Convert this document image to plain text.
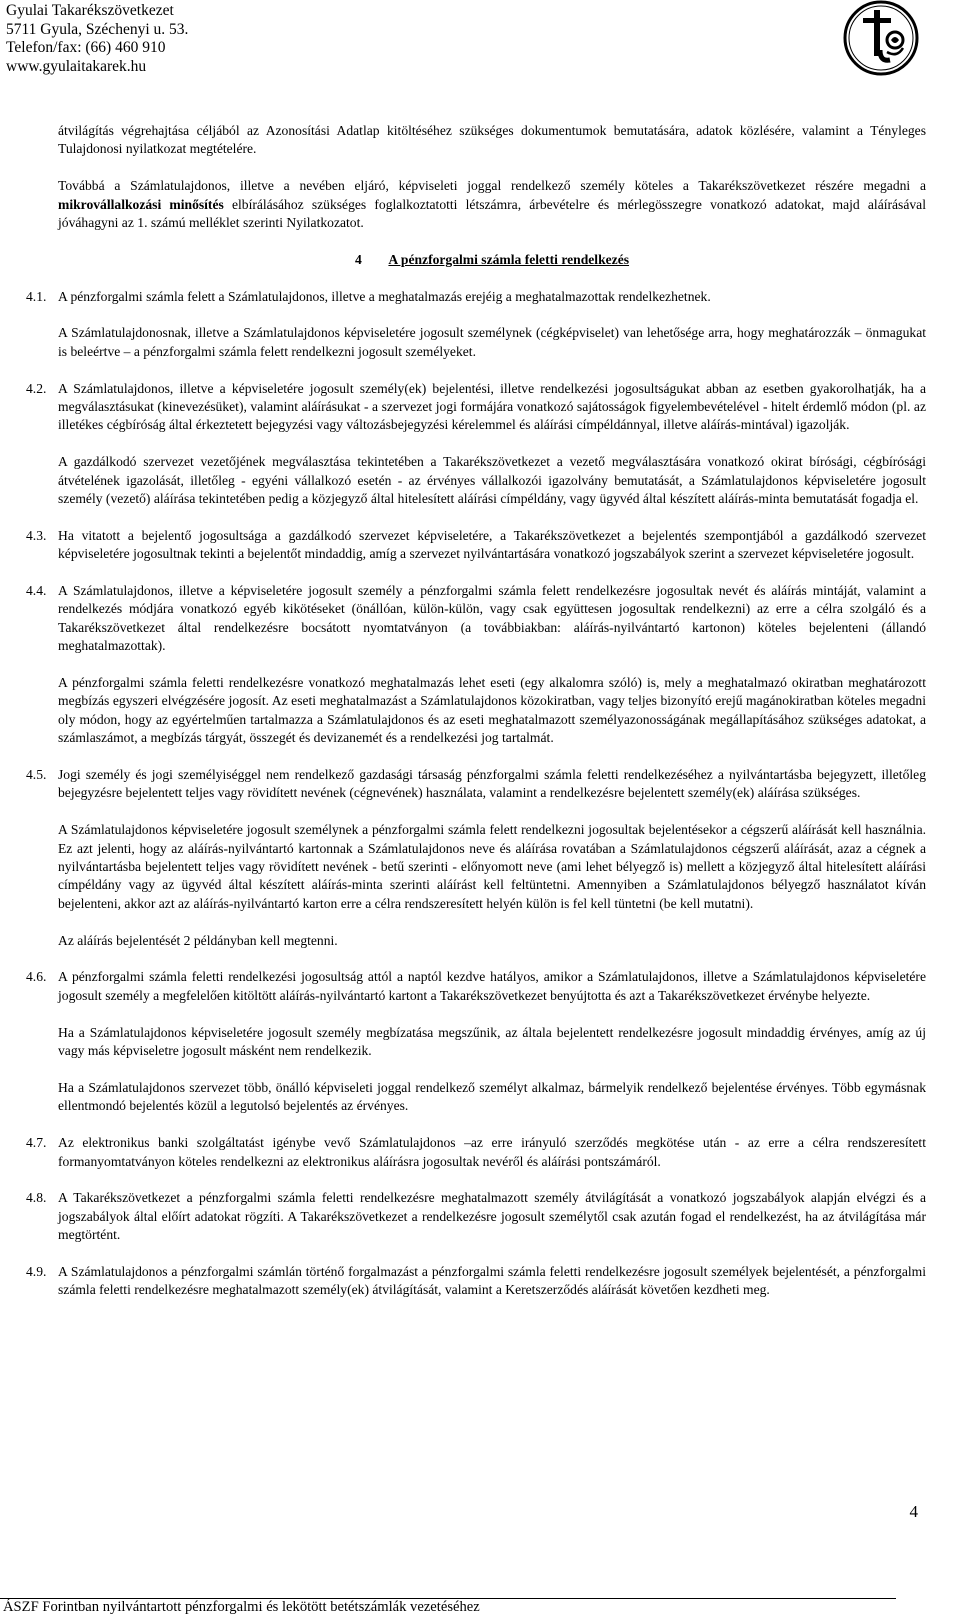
Gyulai Takarékszövetkezet
5711 Gyula, Széchenyi u. 53.
Telefon/fax: (66) 460 910
www.gyulaitakarek.hu

átvilágítás végrehajtása céljából az Azonosítási Adatlap kitöltéséhez szükséges dokumentumok bemutatására, adatok közlésére, valamint a Tényleges Tulajdonosi nyilatkozat megtételére.

Továbbá a Számlatulajdonos, illetve a nevében eljáró, képviseleti joggal rendelkező személy köteles a Takarékszövetkezet részére megadni a mikrovállalkozási minősítés elbírálásához szükséges foglalkoztatotti létszámra, árbevételre és mérlegösszegre vonatkozó adatokat, majd aláírásával jóváhagyni az 1. számú melléklet szerinti Nyilatkozatot.

4 A pénzforgalmi számla feletti rendelkezés
4.1. A pénzforgalmi számla felett a Számlatulajdonos, illetve a meghatalmazás erejéig a meghatalmazottak rendelkezhetnek.
A Számlatulajdonosnak, illetve a Számlatulajdonos képviseletére jogosult személynek (cégképviselet) van lehetősége arra, hogy meghatározzák – önmagukat is beleértve – a pénzforgalmi számla felett rendelkezni jogosult személyeket.
4.2. A Számlatulajdonos, illetve a képviseletére jogosult személy(ek) bejelentési, illetve rendelkezési jogosultságukat abban az esetben gyakorolhatják, ha a megválasztásukat (kinevezésüket), valamint aláírásukat - a szervezet jogi formájára vonatkozó sajátosságok figyelembevételével - hitelt érdemlő módon (pl. az illetékes cégbíróság által érkeztetett bejegyzési vagy változásbejegyzési kérelemmel és aláírási címpéldánnyal, illetve aláírás-mintával) igazolják.
A gazdálkodó szervezet vezetőjének megválasztása tekintetében a Takarékszövetkezet a vezető megválasztására vonatkozó okirat bírósági, cégbírósági átvételének igazolását, illetőleg - egyéni vállalkozó esetén - az érvényes vállalkozói igazolvány bemutatását, a Számlatulajdonos képviseletére jogosult személy (vezető) aláírása tekintetében pedig a közjegyző által hitelesített aláírási címpéldány, vagy ügyvéd által készített aláírás-minta bemutatását fogadja el.
4.3. Ha vitatott a bejelentő jogosultsága a gazdálkodó szervezet képviseletére, a Takarékszövetkezet a bejelentés szempontjából a gazdálkodó szervezet képviseletére jogosultnak tekinti a bejelentőt mindaddig, amíg a szervezet nyilvántartására vonatkozó jogszabályok szerint a szervezet képviseletére jogosult.
4.4. A Számlatulajdonos, illetve a képviseletére jogosult személy a pénzforgalmi számla felett rendelkezésre jogosultak nevét és aláírás mintáját, valamint a rendelkezés módjára vonatkozó egyéb kikötéseket (önállóan, külön-külön, vagy csak együttesen jogosultak rendelkezni) az erre a célra szolgáló és a Takarékszövetkezet által rendelkezésre bocsátott nyomtatványon (a továbbiakban: aláírás-nyilvántartó kartonon) köteles bejelenteni (állandó meghatalmazottak).
A pénzforgalmi számla feletti rendelkezésre vonatkozó meghatalmazás lehet eseti (egy alkalomra szóló) is, mely a meghatalmazó okiratban meghatározott megbízás egyszeri elvégzésére jogosít. Az eseti meghatalmazást a Számlatulajdonos közokiratban, vagy teljes bizonyító erejű magánokiratban köteles megadni oly módon, hogy az egyértelműen tartalmazza a Számlatulajdonos és az eseti meghatalmazott személyazonosságának megállapításához szükséges adatokat, a számlaszámot, a megbízás tárgyát, összegét és devizanemét és a rendelkezési jog tartalmát.
4.5. Jogi személy és jogi személyiséggel nem rendelkező gazdasági társaság pénzforgalmi számla feletti rendelkezéséhez a nyilvántartásba bejegyzett, illetőleg bejegyzésre bejelentett teljes vagy rövidített nevének (cégnevének) használata, valamint a rendelkezésre bejelentett személy(ek) aláírása szükséges.
A Számlatulajdonos képviseletére jogosult személynek a pénzforgalmi számla felett rendelkezni jogosultak bejelentésekor a cégszerű aláírását kell használnia. Ez azt jelenti, hogy az aláírás-nyilvántartó kartonnak a Számlatulajdonos neve és aláírása rovatában a Számlatulajdonos cégszerű aláírását, azaz a cégnek a nyilvántartásba bejelentett teljes vagy rövidített nevének - betű szerinti - előnyomott neve (ami lehet bélyegző is) mellett a közjegyző által hitelesített aláírási címpéldány vagy az ügyvéd által készített aláírás-minta szerinti aláírást kell feltüntetni. Amennyiben a Számlatulajdonos bélyegző használatot kíván bejelenteni, akkor azt az aláírás-nyilvántartó karton erre a célra rendszeresített helyén külön is fel kell tüntetni (be kell mutatni).
Az aláírás bejelentését 2 példányban kell megtenni.
4.6. A pénzforgalmi számla feletti rendelkezési jogosultság attól a naptól kezdve hatályos, amikor a Számlatulajdonos, illetve a Számlatulajdonos képviseletére jogosult személy a megfelelően kitöltött aláírás-nyilvántartó kartont a Takarékszövetkezet benyújtotta és azt a Takarékszövetkezet érvénybe helyezte.
Ha a Számlatulajdonos képviseletére jogosult személy megbízatása megszűnik, az általa bejelentett rendelkezésre jogosult mindaddig érvényes, amíg az új vagy más képviseletre jogosult másként nem rendelkezik.
Ha a Számlatulajdonos szervezet több, önálló képviseleti joggal rendelkező személyt alkalmaz, bármelyik rendelkező bejelentése érvényes. Több egymásnak ellentmondó bejelentés közül a legutolsó bejelentés az érvényes.
4.7. Az elektronikus banki szolgáltatást igénybe vevő Számlatulajdonos –az erre irányuló szerződés megkötése után - az erre a célra rendszeresített formanyomtatványon köteles rendelkezni az elektronikus aláírásra jogosultak nevéről és aláírási pontszámáról.
4.8. A Takarékszövetkezet a pénzforgalmi számla feletti rendelkezésre meghatalmazott személy átvilágítását a vonatkozó jogszabályok alapján elvégzi és a jogszabályok által előírt adatokat rögzíti. A Takarékszövetkezet a rendelkezésre jogosult személytől csak azután fogad el rendelkezést, ha az átvilágítása már megtörtént.
4.9. A Számlatulajdonos a pénzforgalmi számlán történő forgalmazást a pénzforgalmi számla feletti rendelkezésre jogosult személyek bejelentését, a pénzforgalmi számla feletti rendelkezésre meghatalmazott személy(ek) átvilágítását, valamint a Keretszerződés aláírását követően kezdheti meg.
4
ÁSZF Forintban nyilvántartott pénzforgalmi és lekötött betétszámlák vezetéséhez
